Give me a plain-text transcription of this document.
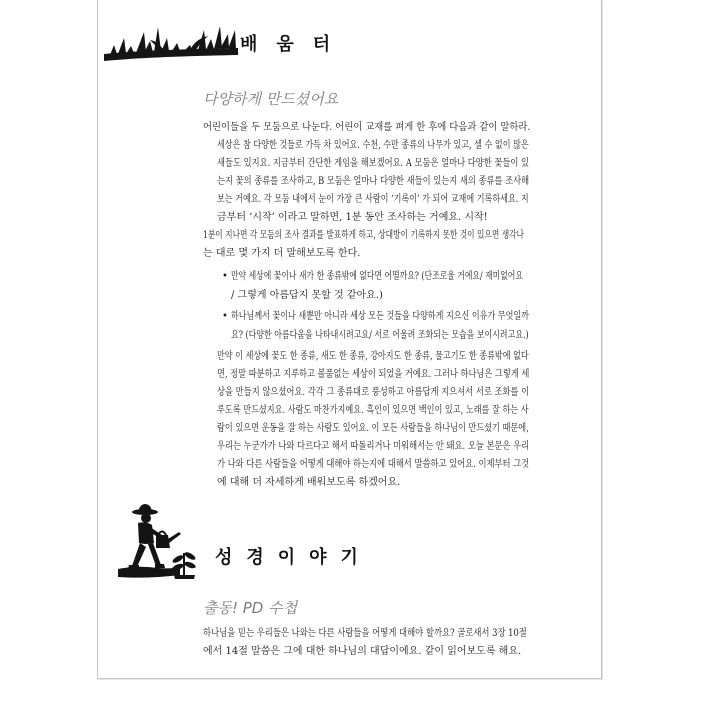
배움터
다양하게 만드셨어요
어린이들을 두 모둠으로 나눈다. 어린이 교재를 펴게 한 후에 다음과 같이 말하라.
세상은 참 다양한 것들로 가득 차 있어요. 수천, 수만 종류의 나무가 있고, 셀 수 없이 많은
새들도 있지요. 지금부터 간단한 게임을 해보겠어요. A 모둠은 얼마나 다양한 꽃들이 있
는지 꽃의 종류를 조사하고, B 모둠은 얼마나 다양한 새들이 있는지 새의 종류를 조사해
보는 거예요. 각 모둠 내에서 눈이 가장 큰 사람이 ‘기록이’ 가 되어 교재에 기록하세요. 지
금부터 ‘시작’ 이라고 말하면, 1분 동안 조사하는 거예요. 시작!
1분이 지나면 각 모둠의 조사 결과를 발표하게 하고, 상대방이 기록하지 못한 것이 있으면 생각나
는 대로 몇 가지 더 말해보도록 한다.
• 만약 세상에 꽃이나 새가 한 종류밖에 없다면 어떨까요? (단조로울 거에요/ 재미없어요
/ 그렇게 아름답지 못할 것 같아요.)
• 하나님께서 꽃이나 새뿐만 아니라 세상 모든 것들을 다양하게 지으신 이유가 무엇일까
요? (다양한 아름다움을 나타내시려고요/ 서로 어울려 조화되는 모습을 보이시려고요.)
만약 이 세상에 꽃도 한 종류, 새도 한 종류, 강아지도 한 종류, 물고기도 한 종류밖에 없다
면, 정말 따분하고 지루하고 볼품없는 세상이 되었을 거예요. 그러나 하나님은 그렇게 세
상을 만들지 않으셨어요. 각각 그 종류대로 풍성하고 아름답게 지으셔서 서로 조화를 이
루도록 만드셨지요. 사람도 마찬가지예요. 흑인이 있으면 백인이 있고, 노래를 잘 하는 사
람이 있으면 운동을 잘 하는 사람도 있어요. 이 모든 사람들을 하나님이 만드셨기 때문에,
우리는 누군가가 나와 다르다고 해서 따돌리거나 미워해서는 안 돼요. 오늘 본문은 우리
가 나와 다른 사람들을 어떻게 대해야 하는지에 대해서 말씀하고 있어요. 이제부터 그것
에 대해 더 자세하게 배워보도록 하겠어요.
성경이야기
출동! PD 수첩
하나님을 믿는 우리들은 나와는 다른 사람들을 어떻게 대해야 할까요? 골로새서 3장 10절
에서 14절 말씀은 그에 대한 하나님의 대답이에요. 같이 읽어보도록 해요.
